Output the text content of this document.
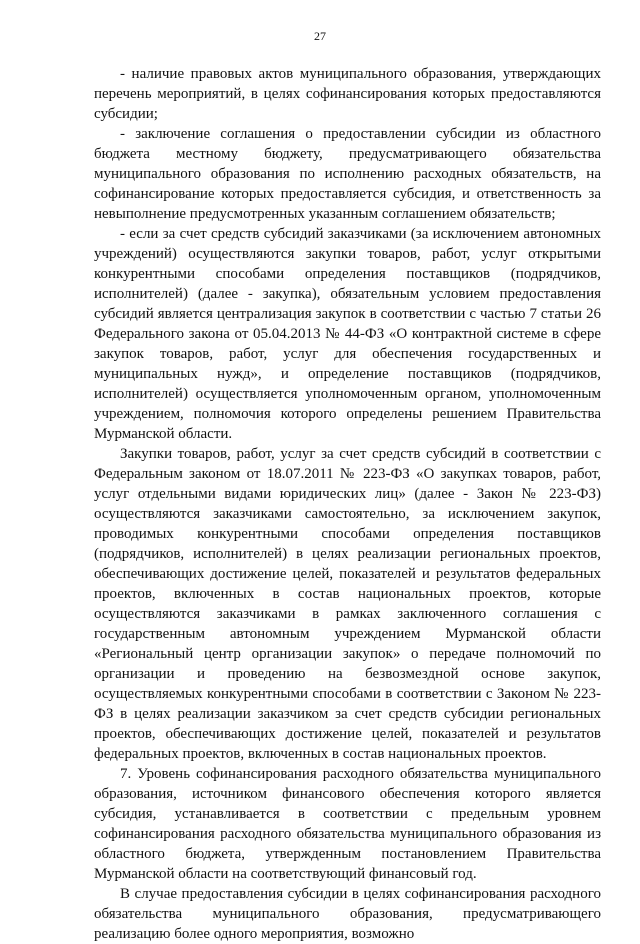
27

- наличие правовых актов муниципального образования, утверждающих перечень мероприятий, в целях софинансирования которых предоставляются субсидии;

- заключение соглашения о предоставлении субсидии из областного бюджета местному бюджету, предусматривающего обязательства муниципального образования по исполнению расходных обязательств, на софинансирование которых предоставляется субсидия, и ответственность за невыполнение предусмотренных указанным соглашением обязательств;

- если за счет средств субсидий заказчиками (за исключением автономных учреждений) осуществляются закупки товаров, работ, услуг открытыми конкурентными способами определения поставщиков (подрядчиков, исполнителей) (далее - закупка), обязательным условием предоставления субсидий является централизация закупок в соответствии с частью 7 статьи 26 Федерального закона от 05.04.2013 № 44-ФЗ «О контрактной системе в сфере закупок товаров, работ, услуг для обеспечения государственных и муниципальных нужд», и определение поставщиков (подрядчиков, исполнителей) осуществляется уполномоченным органом, уполномоченным учреждением, полномочия которого определены решением Правительства Мурманской области.

Закупки товаров, работ, услуг за счет средств субсидий в соответствии с Федеральным законом от 18.07.2011 № 223-ФЗ «О закупках товаров, работ, услуг отдельными видами юридических лиц» (далее - Закон № 223-ФЗ) осуществляются заказчиками самостоятельно, за исключением закупок, проводимых конкурентными способами определения поставщиков (подрядчиков, исполнителей) в целях реализации региональных проектов, обеспечивающих достижение целей, показателей и результатов федеральных проектов, включенных в состав национальных проектов, которые осуществляются заказчиками в рамках заключенного соглашения с государственным автономным учреждением Мурманской области «Региональный центр организации закупок» о передаче полномочий по организации и проведению на безвозмездной основе закупок, осуществляемых конкурентными способами в соответствии с Законом № 223-ФЗ в целях реализации заказчиком за счет средств субсидии региональных проектов, обеспечивающих достижение целей, показателей и результатов федеральных проектов, включенных в состав национальных проектов.

7. Уровень софинансирования расходного обязательства муниципального образования, источником финансового обеспечения которого является субсидия, устанавливается в соответствии с предельным уровнем софинансирования расходного обязательства муниципального образования из областного бюджета, утвержденным постановлением Правительства Мурманской области на соответствующий финансовый год.

В случае предоставления субсидии в целях софинансирования расходного обязательства муниципального образования, предусматривающего реализацию более одного мероприятия, возможно
